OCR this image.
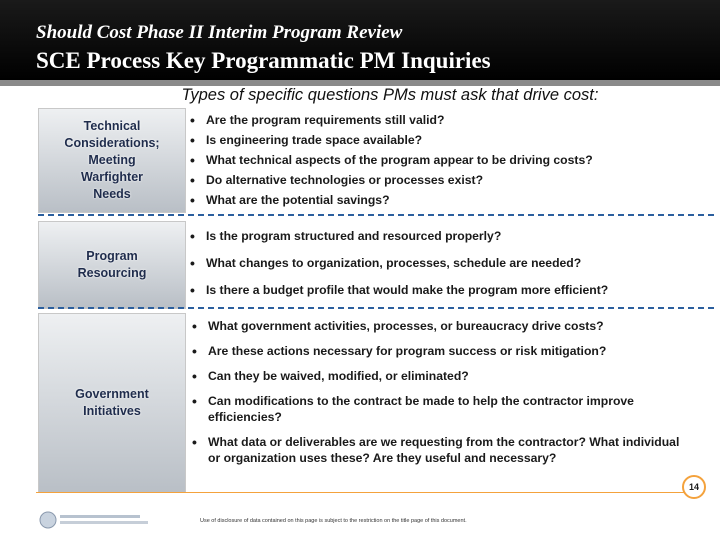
Should Cost Phase II Interim Program Review
SCE Process Key Programmatic PM Inquiries
Types of specific questions PMs must ask that drive cost:
Technical
Considerations;
Meeting
Warfighter
Needs
Program
Resourcing
Government
Initiatives
• Are the program requirements still valid?
• Is engineering trade space available?
• What technical aspects of the program appear to be driving costs?
• Do alternative technologies or processes exist?
• What are the potential savings?
• Is the program structured and resourced properly?
• What changes to organization, processes, schedule are needed?
• Is there a budget profile that would make the program more efficient?
• What government activities, processes, or bureaucracy drive costs?
• Are these actions necessary for program success or risk mitigation?
• Can they be waived, modified, or eliminated?
• Can modifications to the contract be made to help the contractor improve efficiencies?
• What data or deliverables are we requesting from the contractor? What individual or organization uses these? Are they useful and necessary?
14
Use of disclosure of data contained on this page is subject to the restriction on the title page of this document.
